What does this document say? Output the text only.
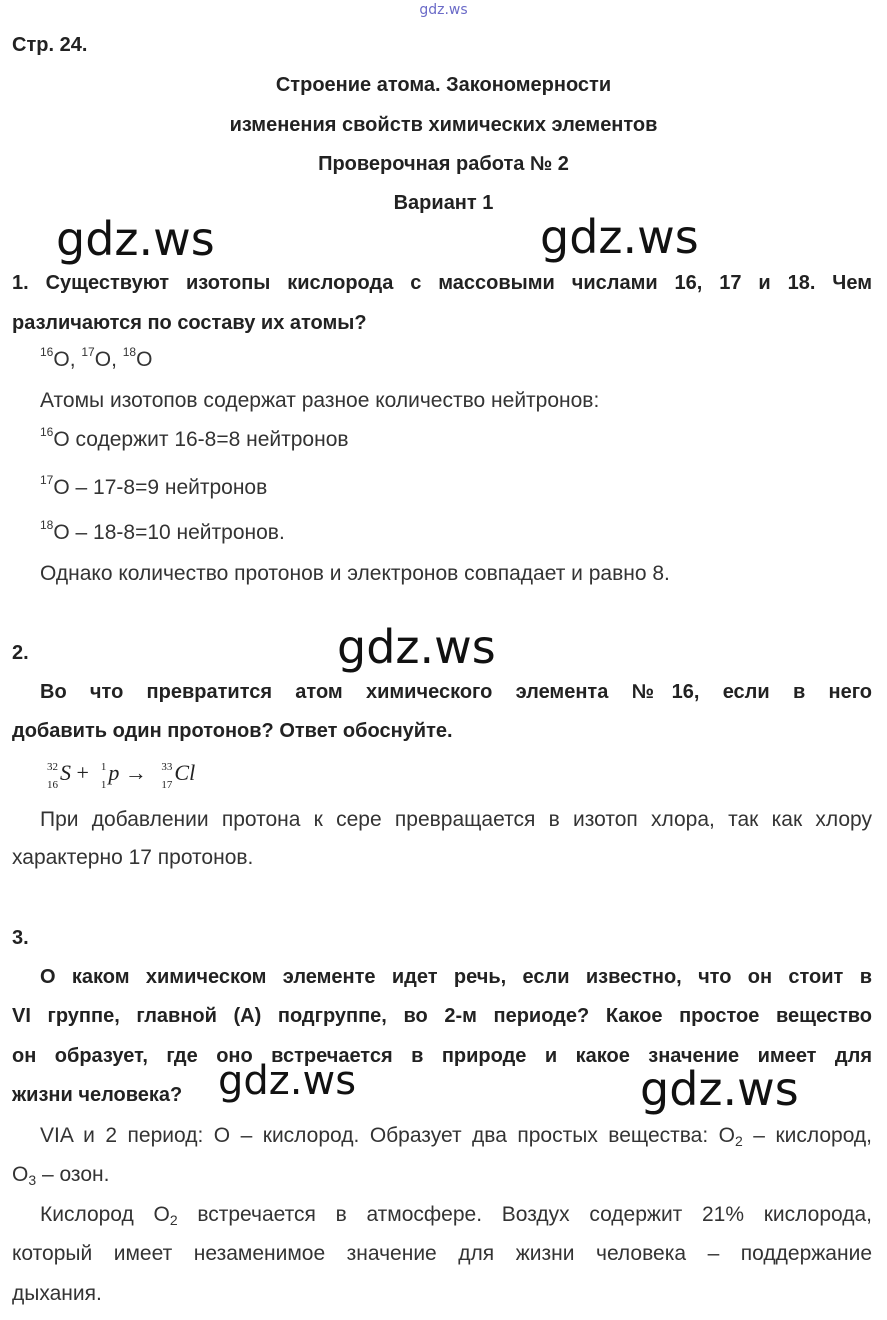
gdz.ws
Стр. 24.
Строение атома. Закономерности
изменения свойств химических элементов
Проверочная работа № 2
Вариант 1
gdz.ws	gdz.ws
1. Существуют изотопы кислорода с массовыми числами 16, 17 и 18. Чем
различаются по составу их атомы?
$^{16}$O, $^{17}$O, $^{18}$O
Атомы изотопов содержат разное количество нейтронов:
$^{16}$O содержит 16-8=8 нейтронов
$^{17}$O – 17-8=9 нейтронов
$^{18}$O – 18-8=10 нейтронов.
Однако количество протонов и электронов совпадает и равно 8.
2.	gdz.ws
Во что превратится атом химического элемента №16, если в него
добавить один протонов? Ответ обоснуйте.
32
16 S + 1
1 p → 33
17 Cl
При добавлении протона к сере превращается в изотоп хлора, так как хлору
характерно 17 протонов.
3.
О каком химическом элементе идет речь, если известно, что он стоит в
VI группе, главной (А) подгруппе, во 2-м периоде? Какое простое вещество
он образует, где оно встречается в природе и какое значение имеет для
жизни человека? gdz.ws	gdz.ws
VIA и 2 период: О – кислород. Образует два простых вещества: $О_2$ – кислород,
$О_3$ – озон.
Кислород $О_2$ встречается в атмосфере. Воздух содержит 21% кислорода,
который имеет незаменимое значение для жизни человека – поддержание
дыхания.
